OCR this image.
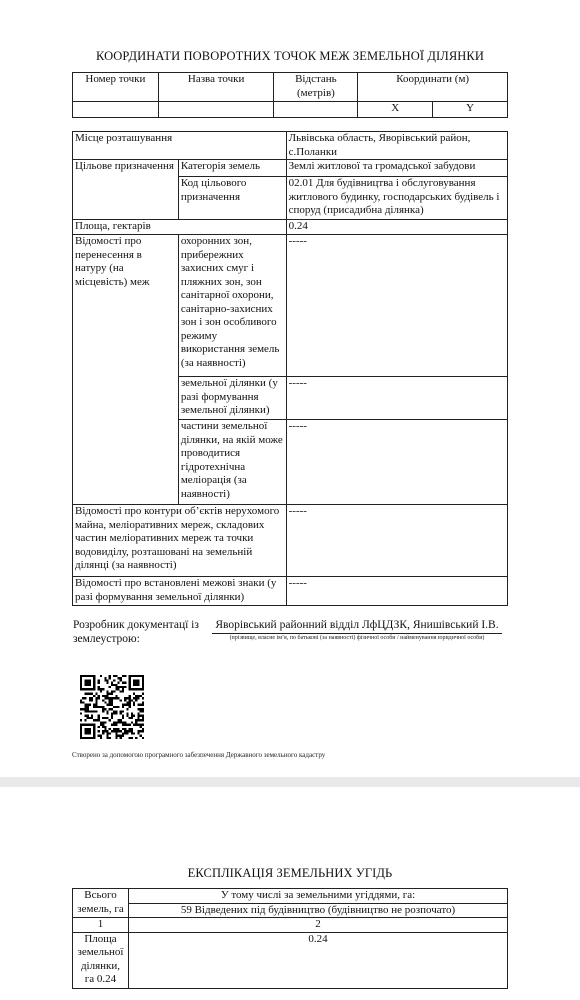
КООРДИНАТИ ПОВОРОТНИХ ТОЧОК МЕЖ ЗЕМЕЛЬНОЇ ДІЛЯНКИ
Номер точки	Назва точки	Відстань (метрів)	Координати (м)	

			X	Y
Місце розташування		Львівська область, Яворівський район, с.Поланки
Цільове призначення	Категорія земель	Землі житлової та громадської забудови
	Код цільового призначення	02.01 Для будівництва і обслуговування житлового будинку, господарських будівель і споруд (присадибна ділянка)
Площа, гектарів		0.24
Відомості про перенесення в натуру (на місцевість) меж	охоронних зон, прибережних захисних смуг і пляжних зон, зон санітарної охорони, санітарно-захисних зон і зон особливого режиму використання земель (за наявності)	-----
	земельної ділянки (у разі формування земельної ділянки)	-----
	частини земельної ділянки, на якій може проводитися гідротехнічна меліорація (за наявності)	-----
Відомості про контури об’єктів нерухомого майна, меліоративних мереж, складових частин меліоративних мереж та точки водовиділу, розташовані на земельній ділянці (за наявності)		-----
Відомості про встановлені межові знаки (у разі формування земельної ділянки)		-----
Розробник документацї із землеустрою:
Яворівський районний відділ ЛфЦДЗК, Янишівський І.В.
(прізвище, власне ім’я, по батькові (за наявності) фізичної особи / найменування юридичної особи)
Створено за допомогою програмного забезпечення Державного земельного кадастру
ЕКСПЛІКАЦІЯ ЗЕМЕЛЬНИХ УГІДЬ
Всього земель, га	У тому числі за земельними угіддями, га:
	59 Відведених під будівництво (будівництво не розпочато)
1	2
Площа земельної ділянки, га 0.24	0.24
